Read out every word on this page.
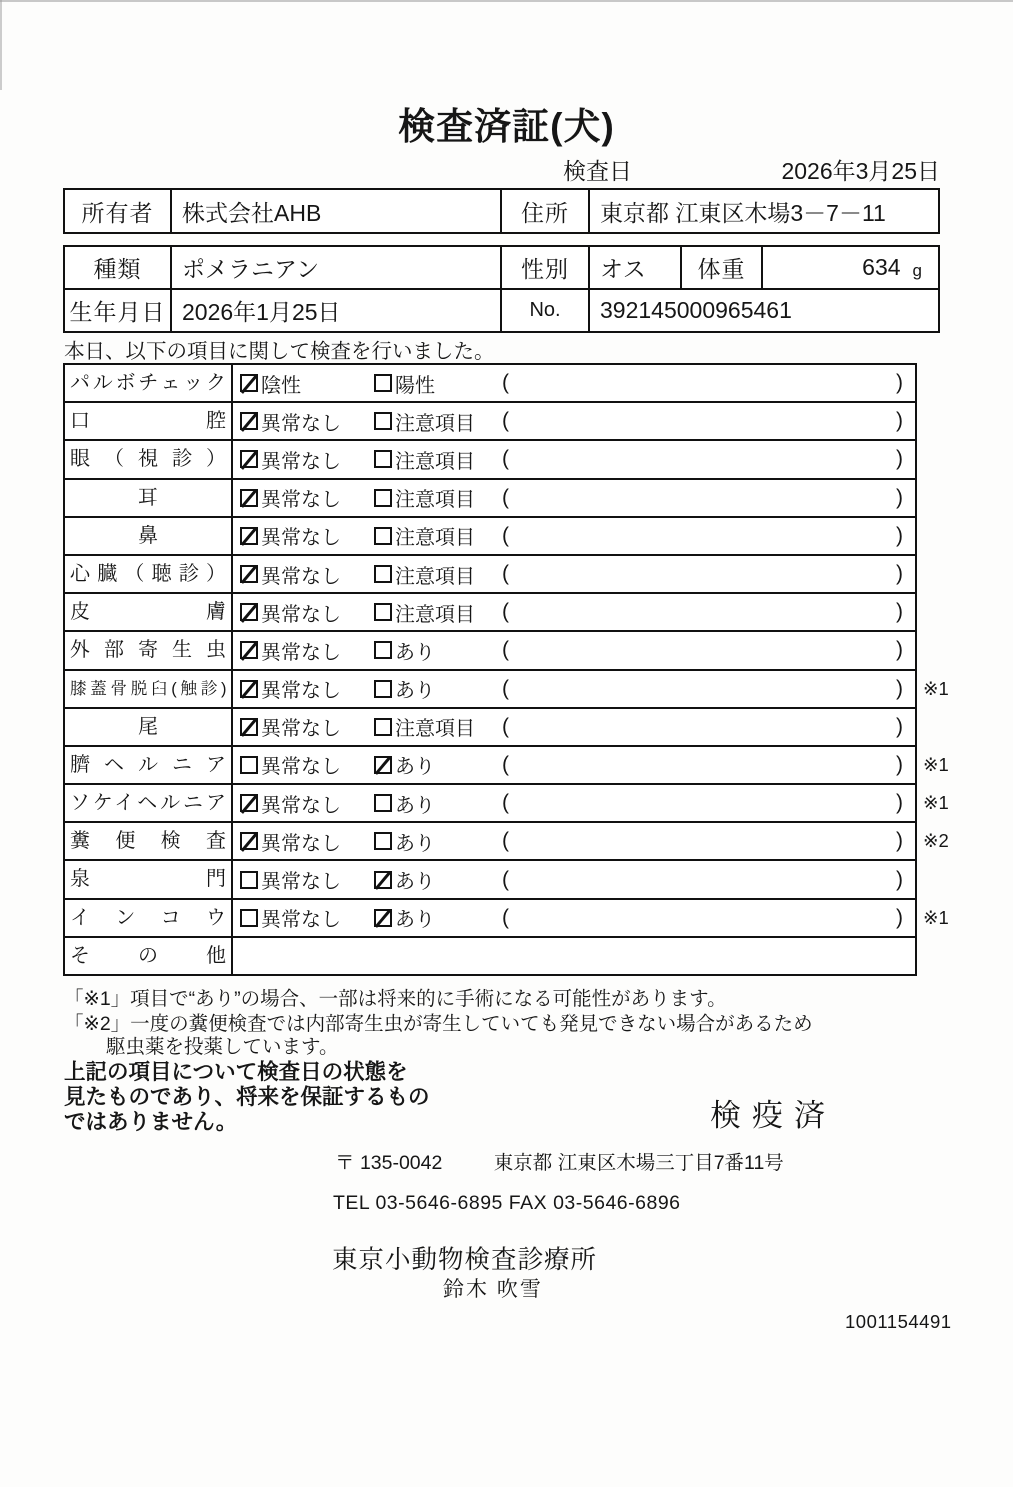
検査済証(犬)
検査日	2026年3月25日
所有者	株式会社AHB	住所	東京都 江東区木場3－7－11
種類	ポメラニアン	性別	オス	体重	634 g
生年月日 2026年1月25日	No.	392145000965461
本日、以下の項目に関して検査を行いました。
パルボチェック	陰性	陽性	(	)
口腔	異常なし	注意項目 (	)
眼（視診）	異常なし	注意項目 (	)
耳	異常なし	注意項目 (	)
鼻	異常なし	注意項目 (	)
心臓（聴診）	異常なし	注意項目 (	)
皮膚	異常なし	注意項目 (	)
外部寄生虫	異常なし	あり	(	)
膝蓋骨脱臼(触診)	異常なし	あり	(	) ※1
尾	異常なし	注意項目 (	)
臍ヘルニア	異常なし	あり	(	) ※1
ソケイヘルニア	異常なし	あり	(	) ※1
糞便検査	異常なし	あり	(	) ※2
泉門	異常なし	あり	(	)
インコウ	異常なし	あり	(	) ※1
その他
「※1」項目で“あり”の場合、一部は将来的に手術になる可能性があります。
「※2」一度の糞便検査では内部寄生虫が寄生していても発見できない場合があるため
駆虫薬を投薬しています。
上記の項目について検査日の状態を
見たものであり、将来を保証するもの
ではありません。	検疫済
〒 135-0042	東京都 江東区木場三丁目7番11号
TEL 03-5646-6895 FAX 03-5646-6896
東京小動物検査診療所
鈴木 吹雪
1001154491
